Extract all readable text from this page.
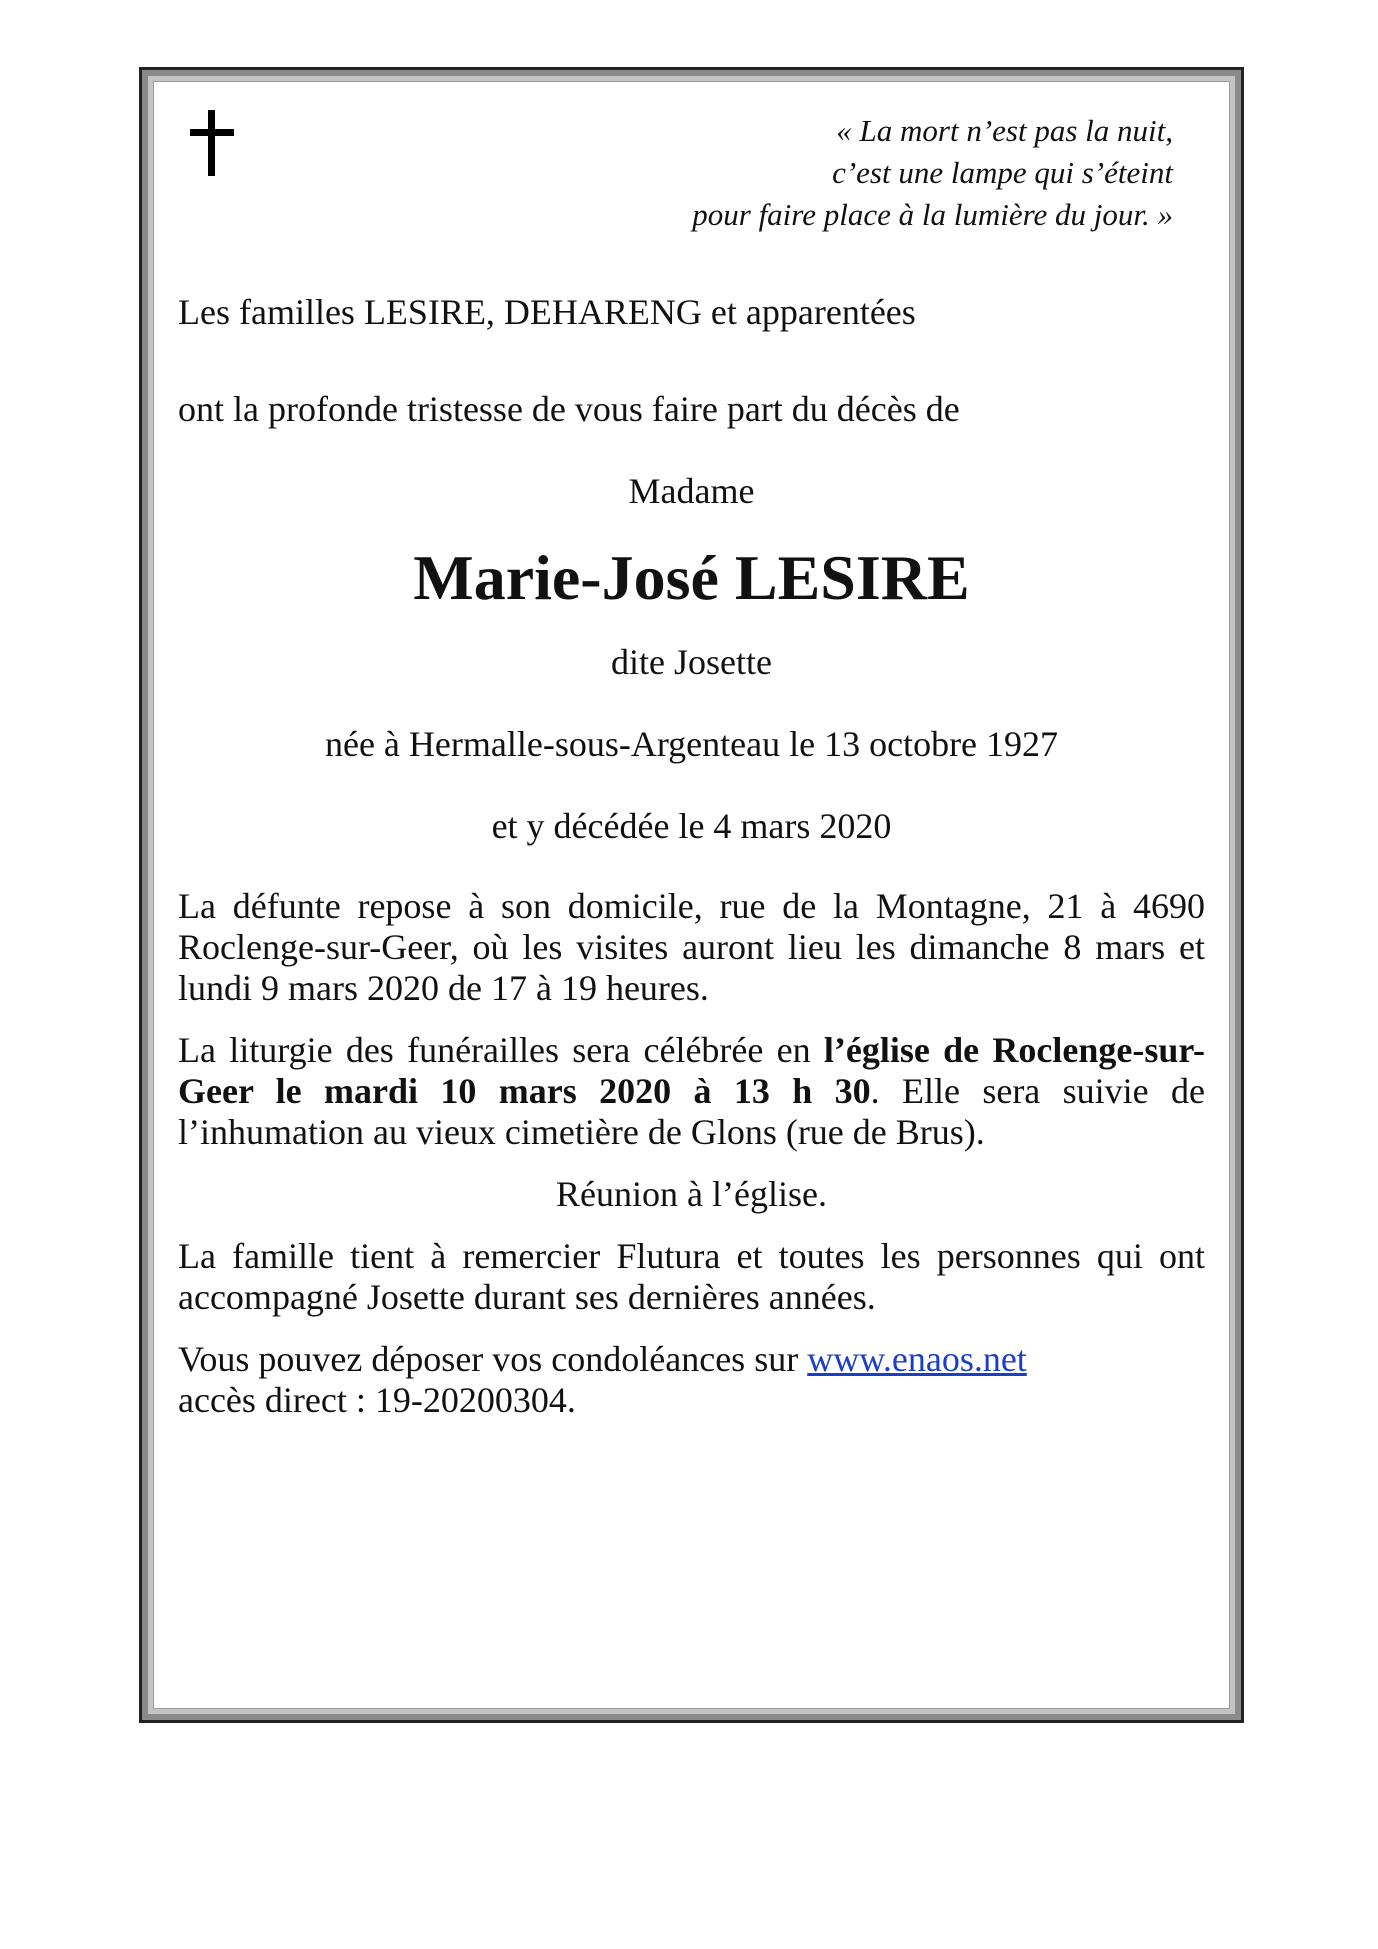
« La mort n’est pas la nuit,
c’est une lampe qui s’éteint
pour faire place à la lumière du jour. »

Les familles LESIRE, DEHARENG et apparentées

ont la profonde tristesse de vous faire part du décès de

Madame

Marie-José LESIRE

dite Josette

née à Hermalle-sous-Argenteau le 13 octobre 1927

et y décédée le 4 mars 2020

La défunte repose à son domicile, rue de la Montagne, 21 à 4690 Roclenge-sur-Geer, où les visites auront lieu les dimanche 8 mars et lundi 9 mars 2020 de 17 à 19 heures.

La liturgie des funérailles sera célébrée en l’église de Roclenge-sur-Geer le mardi 10 mars 2020 à 13 h 30. Elle sera suivie de l’inhumation au vieux cimetière de Glons (rue de Brus).

Réunion à l’église.

La famille tient à remercier Flutura et toutes les personnes qui ont accompagné Josette durant ses dernières années.

Vous pouvez déposer vos condoléances sur www.enaos.net
accès direct : 19-20200304.
